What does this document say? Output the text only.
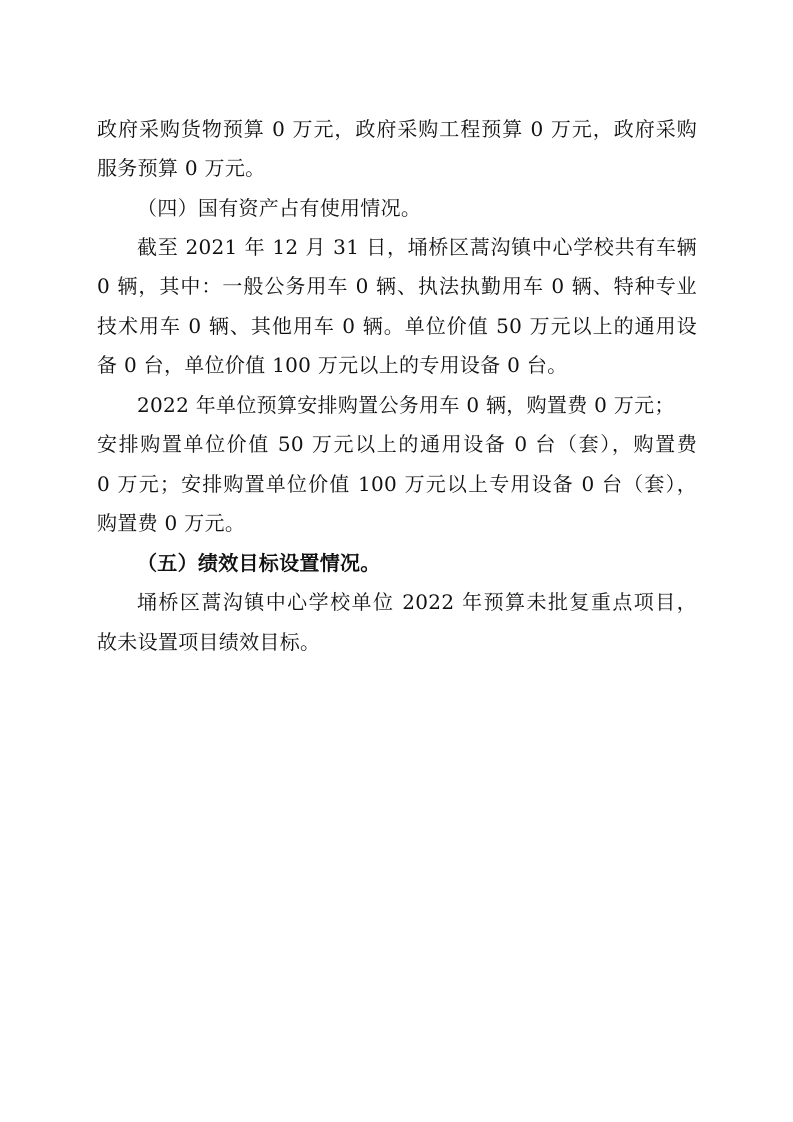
政府采购货物预算 0 万元，政府采购工程预算 0 万元，政府采购
服务预算 0 万元。
（四）国有资产占有使用情况。
截至 2021 年 12 月 31 日，埇桥区蒿沟镇中心学校共有车辆
0 辆，其中：一般公务用车 0 辆、执法执勤用车 0 辆、特种专业
技术用车 0 辆、其他用车 0 辆。单位价值 50 万元以上的通用设
备 0 台，单位价值 100 万元以上的专用设备 0 台。
2022 年单位预算安排购置公务用车 0 辆，购置费 0 万元；
安排购置单位价值 50 万元以上的通用设备 0 台（套），购置费
0 万元；安排购置单位价值 100 万元以上专用设备 0 台（套），
购置费 0 万元。
（五）绩效目标设置情况。
埇桥区蒿沟镇中心学校单位 2022 年预算未批复重点项目，
故未设置项目绩效目标。
